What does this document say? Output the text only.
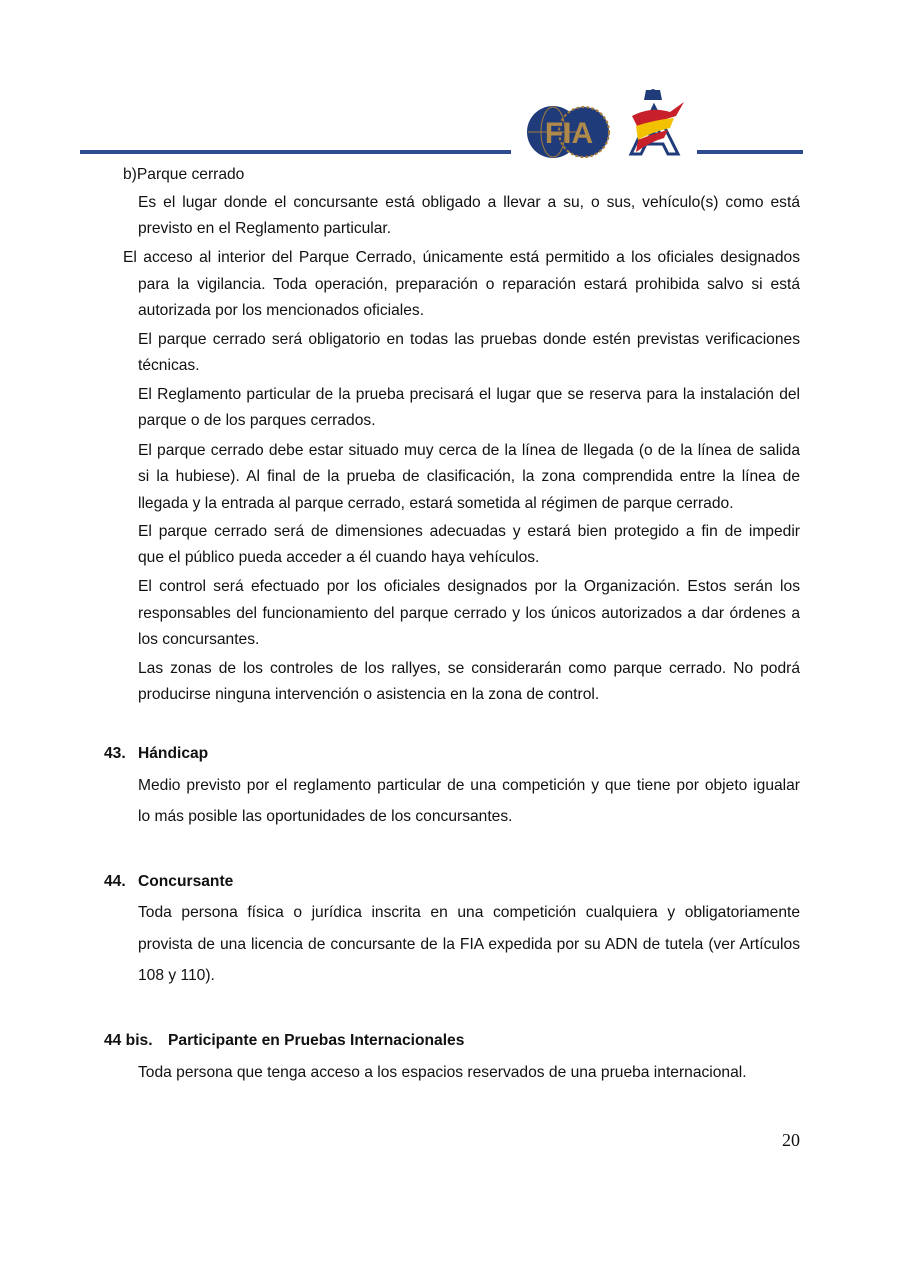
FIA
b)Parque cerrado
Es el lugar donde el concursante está obligado a llevar a su, o sus, vehículo(s) como está
previsto en el Reglamento particular.
El acceso al interior del Parque Cerrado, únicamente está permitido a los oficiales designados
para la vigilancia. Toda operación, preparación o reparación estará prohibida salvo si está
autorizada por los mencionados oficiales.
El parque cerrado será obligatorio en todas las pruebas donde estén previstas verificaciones
técnicas.
El Reglamento particular de la prueba precisará el lugar que se reserva para la instalación del
parque o de los parques cerrados.
El parque cerrado debe estar situado muy cerca de la línea de llegada (o de la línea de salida
si la hubiese). Al final de la prueba de clasificación, la zona comprendida entre la línea de
llegada y la entrada al parque cerrado, estará sometida al régimen de parque cerrado.
El parque cerrado será de dimensiones adecuadas y estará bien protegido a fin de impedir
que el público pueda acceder a él cuando haya vehículos.
El control será efectuado por los oficiales designados por la Organización. Estos serán los
responsables del funcionamiento del parque cerrado y los únicos autorizados a dar órdenes a
los concursantes.
Las zonas de los controles de los rallyes, se considerarán como parque cerrado. No podrá
producirse ninguna intervención o asistencia en la zona de control.
43. Hándicap
Medio previsto por el reglamento particular de una competición y que tiene por objeto igualar
lo más posible las oportunidades de los concursantes.
44. Concursante
Toda persona física o jurídica inscrita en una competición cualquiera y obligatoriamente
provista de una licencia de concursante de la FIA expedida por su ADN de tutela (ver Artículos
108 y 110).
44 bis. Participante en Pruebas Internacionales
Toda persona que tenga acceso a los espacios reservados de una prueba internacional.
20
